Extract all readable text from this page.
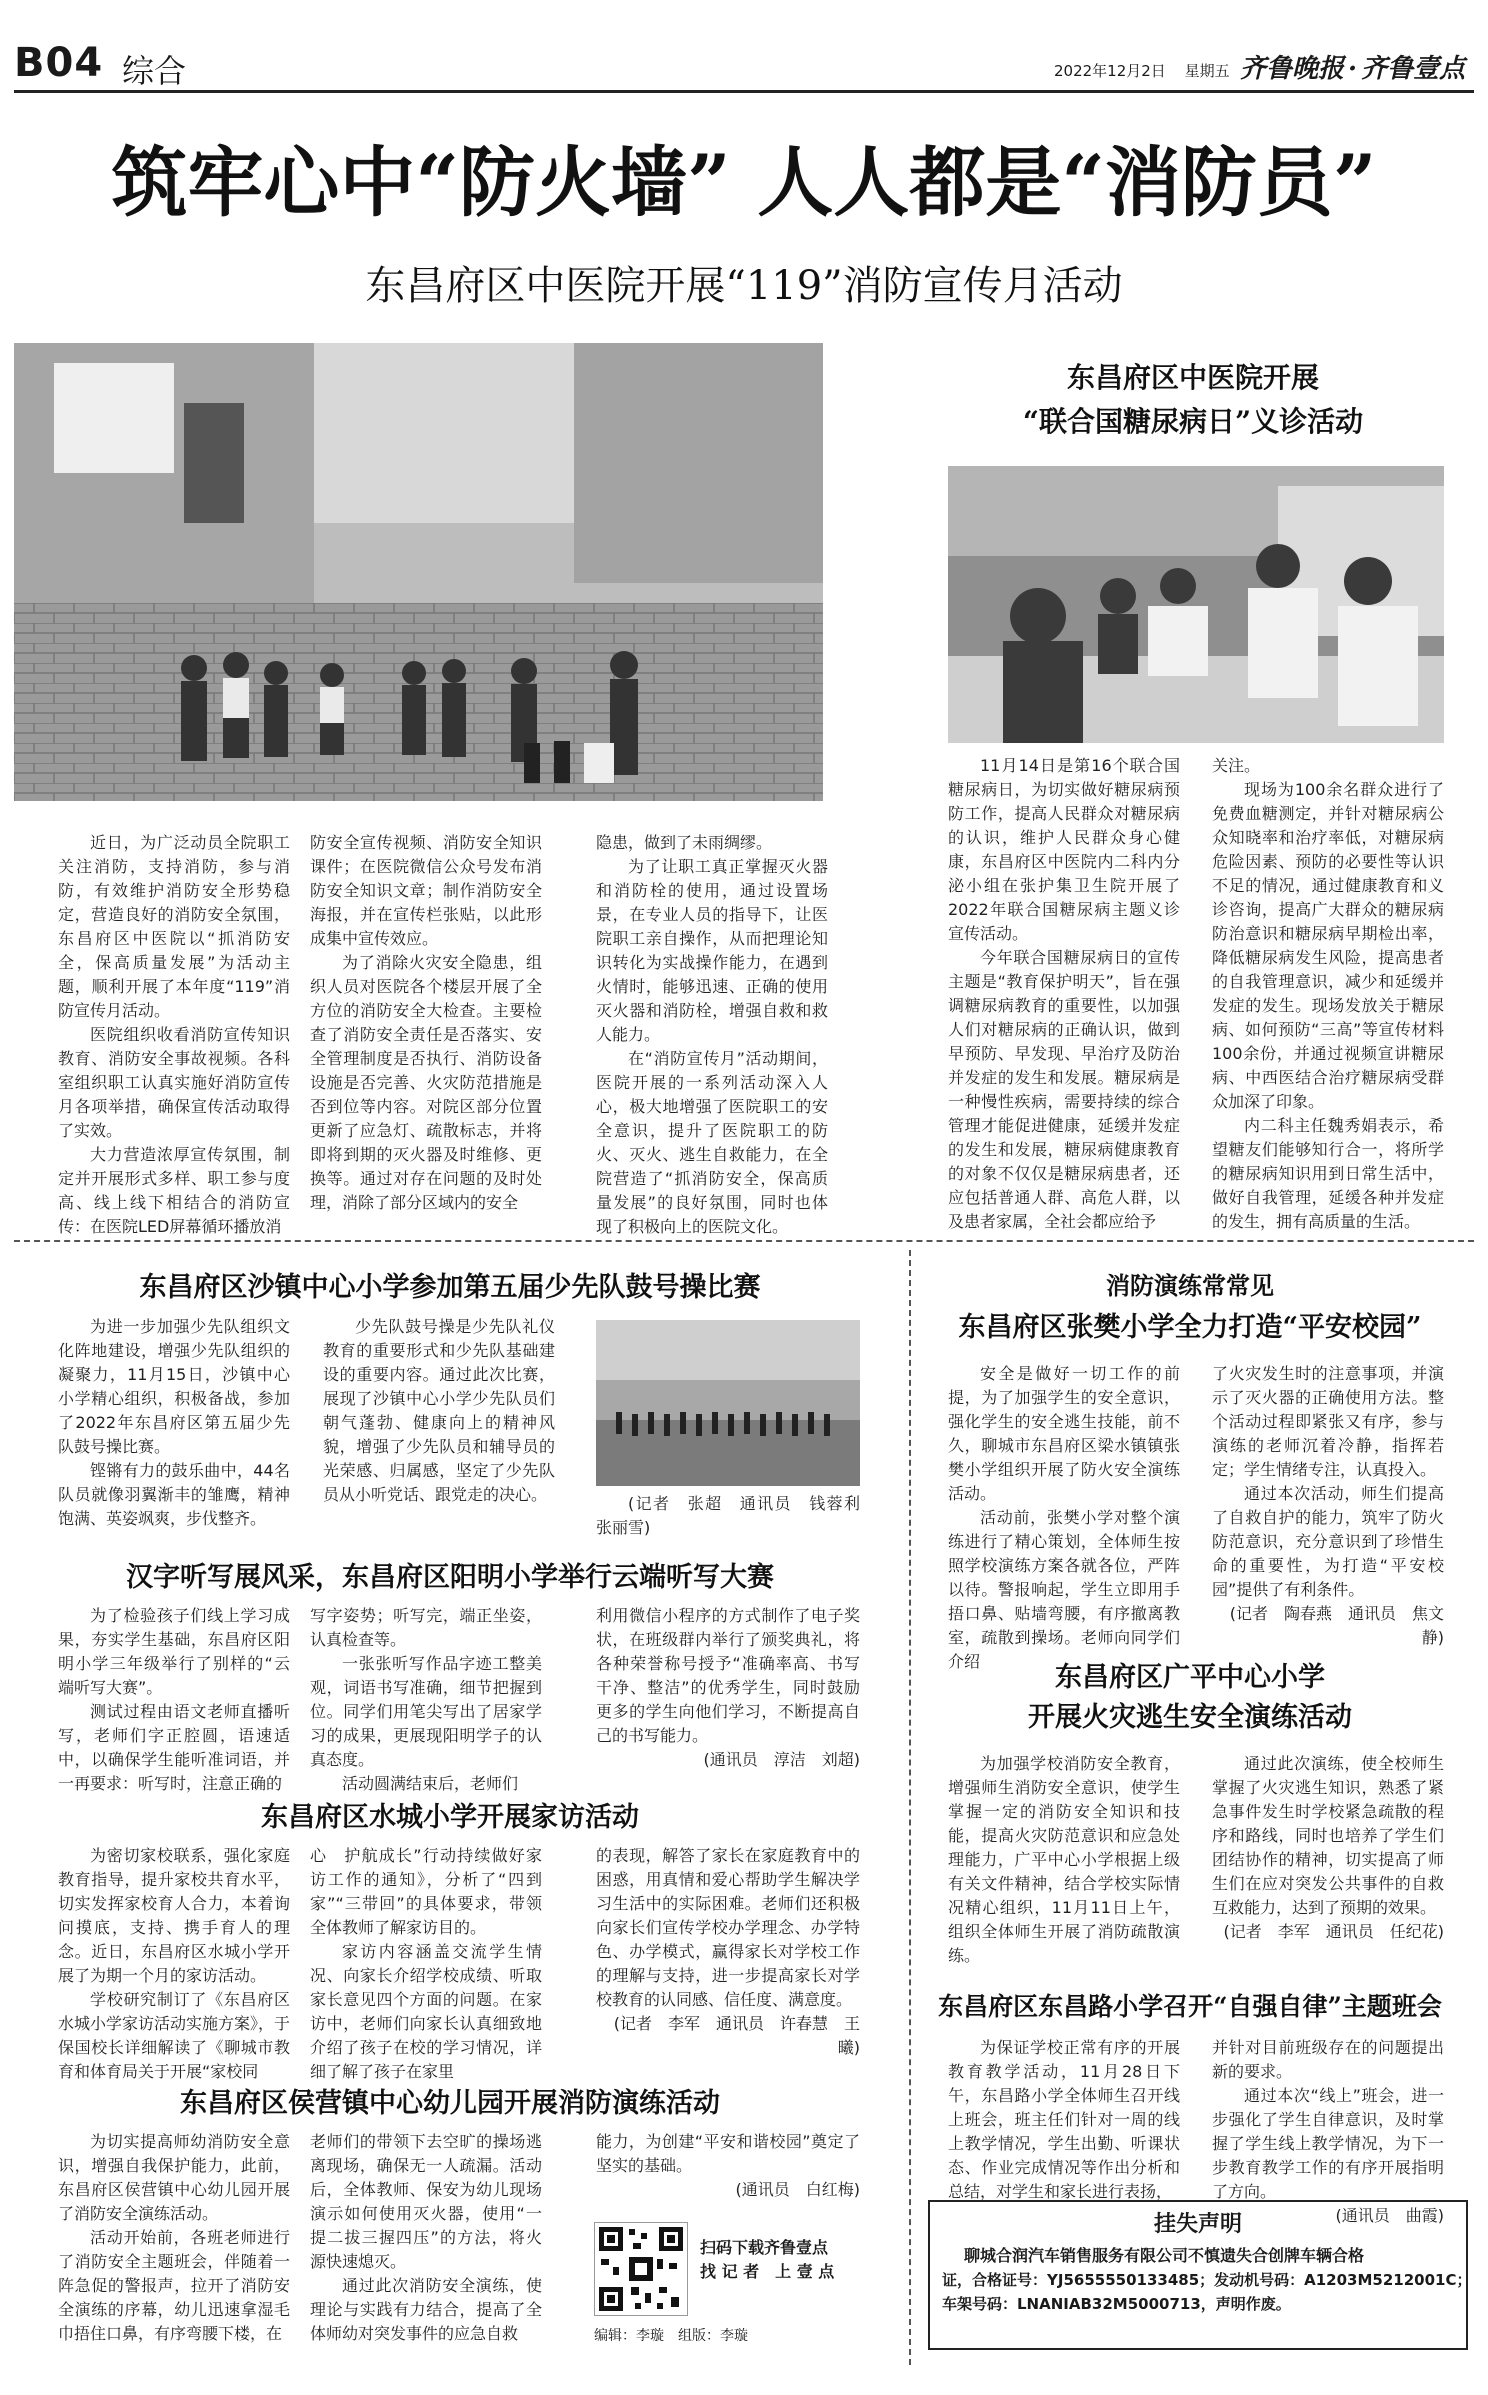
B04 综合	2022年12月2日 星期五 齐鲁晚报 · 齐鲁壹点
筑牢心中“防火墙” 人人都是“消防员”
东昌府区中医院开展“119”消防宣传月活动

近日，为广泛动员全院职工关注消防，支持消防，参与消防，有效维护消防安全形势稳定，营造良好的消防安全氛围，东昌府区中医院以“抓消防安全，保高质量发展”为活动主题，顺利开展了本年度“119”消防宣传月活动。

医院组织收看消防宣传知识教育、消防安全事故视频。各科室组织职工认真实施好消防宣传月各项举措，确保宣传活动取得了实效。

大力营造浓厚宣传氛围，制定并开展形式多样、职工参与度高、线上线下相结合的消防宣传：在医院LED屏幕循环播放消

防安全宣传视频、消防安全知识课件；在医院微信公众号发布消防安全知识文章；制作消防安全海报，并在宣传栏张贴，以此形成集中宣传效应。

为了消除火灾安全隐患，组织人员对医院各个楼层开展了全方位的消防安全大检查。主要检查了消防安全责任是否落实、安全管理制度是否执行、消防设备设施是否完善、火灾防范措施是否到位等内容。对院区部分位置更新了应急灯、疏散标志，并将即将到期的灭火器及时维修、更换等。通过对存在问题的及时处理，消除了部分区域内的安全

隐患，做到了未雨绸缪。

为了让职工真正掌握灭火器和消防栓的使用，通过设置场景，在专业人员的指导下，让医院职工亲自操作，从而把理论知识转化为实战操作能力，在遇到火情时，能够迅速、正确的使用灭火器和消防栓，增强自救和救人能力。

在“消防宣传月”活动期间，医院开展的一系列活动深入人心，极大地增强了医院职工的安全意识，提升了医院职工的防火、灭火、逃生自救能力，在全院营造了“抓消防安全，保高质量发展”的良好氛围，同时也体现了积极向上的医院文化。

东昌府区中医院开展
“联合国糖尿病日”义诊活动

11月14日是第16个联合国糖尿病日，为切实做好糖尿病预防工作，提高人民群众对糖尿病的认识，维护人民群众身心健康，东昌府区中医院内二科内分泌小组在张护集卫生院开展了2022年联合国糖尿病主题义诊宣传活动。

今年联合国糖尿病日的宣传主题是“教育保护明天”，旨在强调糖尿病教育的重要性，以加强人们对糖尿病的正确认识，做到早预防、早发现、早治疗及防治并发症的发生和发展。糖尿病是一种慢性疾病，需要持续的综合管理才能促进健康，延缓并发症的发生和发展，糖尿病健康教育的对象不仅仅是糖尿病患者，还应包括普通人群、高危人群，以及患者家属，全社会都应给予

关注。

现场为100余名群众进行了免费血糖测定，并针对糖尿病公众知晓率和治疗率低，对糖尿病危险因素、预防的必要性等认识不足的情况，通过健康教育和义诊咨询，提高广大群众的糖尿病防治意识和糖尿病早期检出率，降低糖尿病发生风险，提高患者的自我管理意识，减少和延缓并发症的发生。现场发放关于糖尿病、如何预防“三高”等宣传材料100余份，并通过视频宣讲糖尿病、中西医结合治疗糖尿病受群众加深了印象。

内二科主任魏秀娟表示，希望糖友们能够知行合一，将所学的糖尿病知识用到日常生活中，做好自我管理，延缓各种并发症的发生，拥有高质量的生活。

东昌府区沙镇中心小学参加第五届少先队鼓号操比赛

为进一步加强少先队组织文化阵地建设，增强少先队组织的凝聚力，11月15日，沙镇中心小学精心组织，积极备战，参加了2022年东昌府区第五届少先队鼓号操比赛。

铿锵有力的鼓乐曲中，44名队员就像羽翼渐丰的雏鹰，精神饱满、英姿飒爽，步伐整齐。

少先队鼓号操是少先队礼仪教育的重要形式和少先队基础建设的重要内容。通过此次比赛，展现了沙镇中心小学少先队员们朝气蓬勃、健康向上的精神风貌，增强了少先队员和辅导员的光荣感、归属感，坚定了少先队员从小听党话、跟党走的决心。	(记者　张超　通讯员　钱蓉利　张丽雪)
汉字听写展风采，东昌府区阳明小学举行云端听写大赛

为了检验孩子们线上学习成果，夯实学生基础，东昌府区阳明小学三年级举行了别样的“云端听写大赛”。

测试过程由语文老师直播听写，老师们字正腔圆，语速适中，以确保学生能听准词语，并一再要求：听写时，注意正确的

写字姿势；听写完，端正坐姿，认真检查等。

一张张听写作品字迹工整美观，词语书写准确，细节把握到位。同学们用笔尖写出了居家学习的成果，更展现阳明学子的认真态度。

活动圆满结束后，老师们

利用微信小程序的方式制作了电子奖状，在班级群内举行了颁奖典礼，将各种荣誉称号授予“准确率高、书写干净、整洁”的优秀学生，同时鼓励更多的学生向他们学习，不断提高自己的书写能力。

(通讯员　淳洁　刘超)

东昌府区水城小学开展家访活动

为密切家校联系，强化家庭教育指导，提升家校共育水平，切实发挥家校育人合力，本着询问摸底，支持、携手育人的理念。近日，东昌府区水城小学开展了为期一个月的家访活动。

学校研究制订了《东昌府区水城小学家访活动实施方案》，于保国校长详细解读了《聊城市教育和体育局关于开展“家校同

心　护航成长”行动持续做好家访工作的通知》，分析了“四到家”“三带回”的具体要求，带领全体教师了解家访目的。

家访内容涵盖交流学生情况、向家长介绍学校成绩、听取家长意见四个方面的问题。在家访中，老师们向家长认真细致地介绍了孩子在校的学习情况，详细了解了孩子在家里

的表现，解答了家长在家庭教育中的困惑，用真情和爱心帮助学生解决学习生活中的实际困难。老师们还积极向家长们宣传学校办学理念、办学特色、办学模式，赢得家长对学校工作的理解与支持，进一步提高家长对学校教育的认同感、信任度、满意度。

(记者　李军　通讯员　许春慧　王曦)

东昌府区侯营镇中心幼儿园开展消防演练活动

为切实提高师幼消防安全意识，增强自我保护能力，此前，东昌府区侯营镇中心幼儿园开展了消防安全演练活动。

活动开始前，各班老师进行了消防安全主题班会，伴随着一阵急促的警报声，拉开了消防安全演练的序幕，幼儿迅速拿湿毛巾捂住口鼻，有序弯腰下楼，在

老师们的带领下去空旷的操场逃离现场，确保无一人疏漏。活动后，全体教师、保安为幼儿现场演示如何使用灭火器，使用“一提二拔三握四压”的方法，将火源快速熄灭。

通过此次消防安全演练，使理论与实践有力结合，提高了全体师幼对突发事件的应急自救

能力，为创建“平安和谐校园”奠定了坚实的基础。

(通讯员　白红梅)

扫码下载齐鲁壹点
找 记 者　上 壹 点
编辑：李璇　组版：李璇
消防演练常常见
东昌府区张樊小学全力打造“平安校园”

安全是做好一切工作的前提，为了加强学生的安全意识，强化学生的安全逃生技能，前不久，聊城市东昌府区梁水镇镇张樊小学组织开展了防火安全演练活动。

活动前，张樊小学对整个演练进行了精心策划，全体师生按照学校演练方案各就各位，严阵以待。警报响起，学生立即用手捂口鼻、贴墙弯腰，有序撤离教室，疏散到操场。老师向同学们介绍

了火灾发生时的注意事项，并演示了灭火器的正确使用方法。整个活动过程即紧张又有序，参与演练的老师沉着冷静，指挥若定；学生情绪专注，认真投入。

通过本次活动，师生们提高了自救自护的能力，筑牢了防火防范意识，充分意识到了珍惜生命的重要性，为打造“平安校园”提供了有利条件。

(记者　陶春燕　通讯员　焦文静)

东昌府区广平中心小学
开展火灾逃生安全演练活动

为加强学校消防安全教育，增强师生消防安全意识，使学生掌握一定的消防安全知识和技能，提高火灾防范意识和应急处理能力，广平中心小学根据上级有关文件精神，结合学校实际情况精心组织，11月11日上午，组织全体师生开展了消防疏散演练。

通过此次演练，使全校师生掌握了火灾逃生知识，熟悉了紧急事件发生时学校紧急疏散的程序和路线，同时也培养了学生们团结协作的精神，切实提高了师生们在应对突发公共事件的自救互救能力，达到了预期的效果。

(记者　李军　通讯员　任纪花)

东昌府区东昌路小学召开“自强自律”主题班会

为保证学校正常有序的开展教育教学活动，11月28日下午，东昌路小学全体师生召开线上班会，班主任们针对一周的线上教学情况，学生出勤、听课状态、作业完成情况等作出分析和总结，对学生和家长进行表扬，

并针对目前班级存在的问题提出新的要求。

通过本次“线上”班会，进一步强化了学生自律意识，及时掌握了学生线上教学情况，为下一步教育教学工作的有序开展指明了方向。

(通讯员　曲霞)

挂失声明
聊城合润汽车销售服务有限公司不慎遗失合创牌车辆合格
证，合格证号：YJ5655550133485；发动机号码：A1203M5212001C；
车架号码：LNANIAB32M5000713，声明作废。
